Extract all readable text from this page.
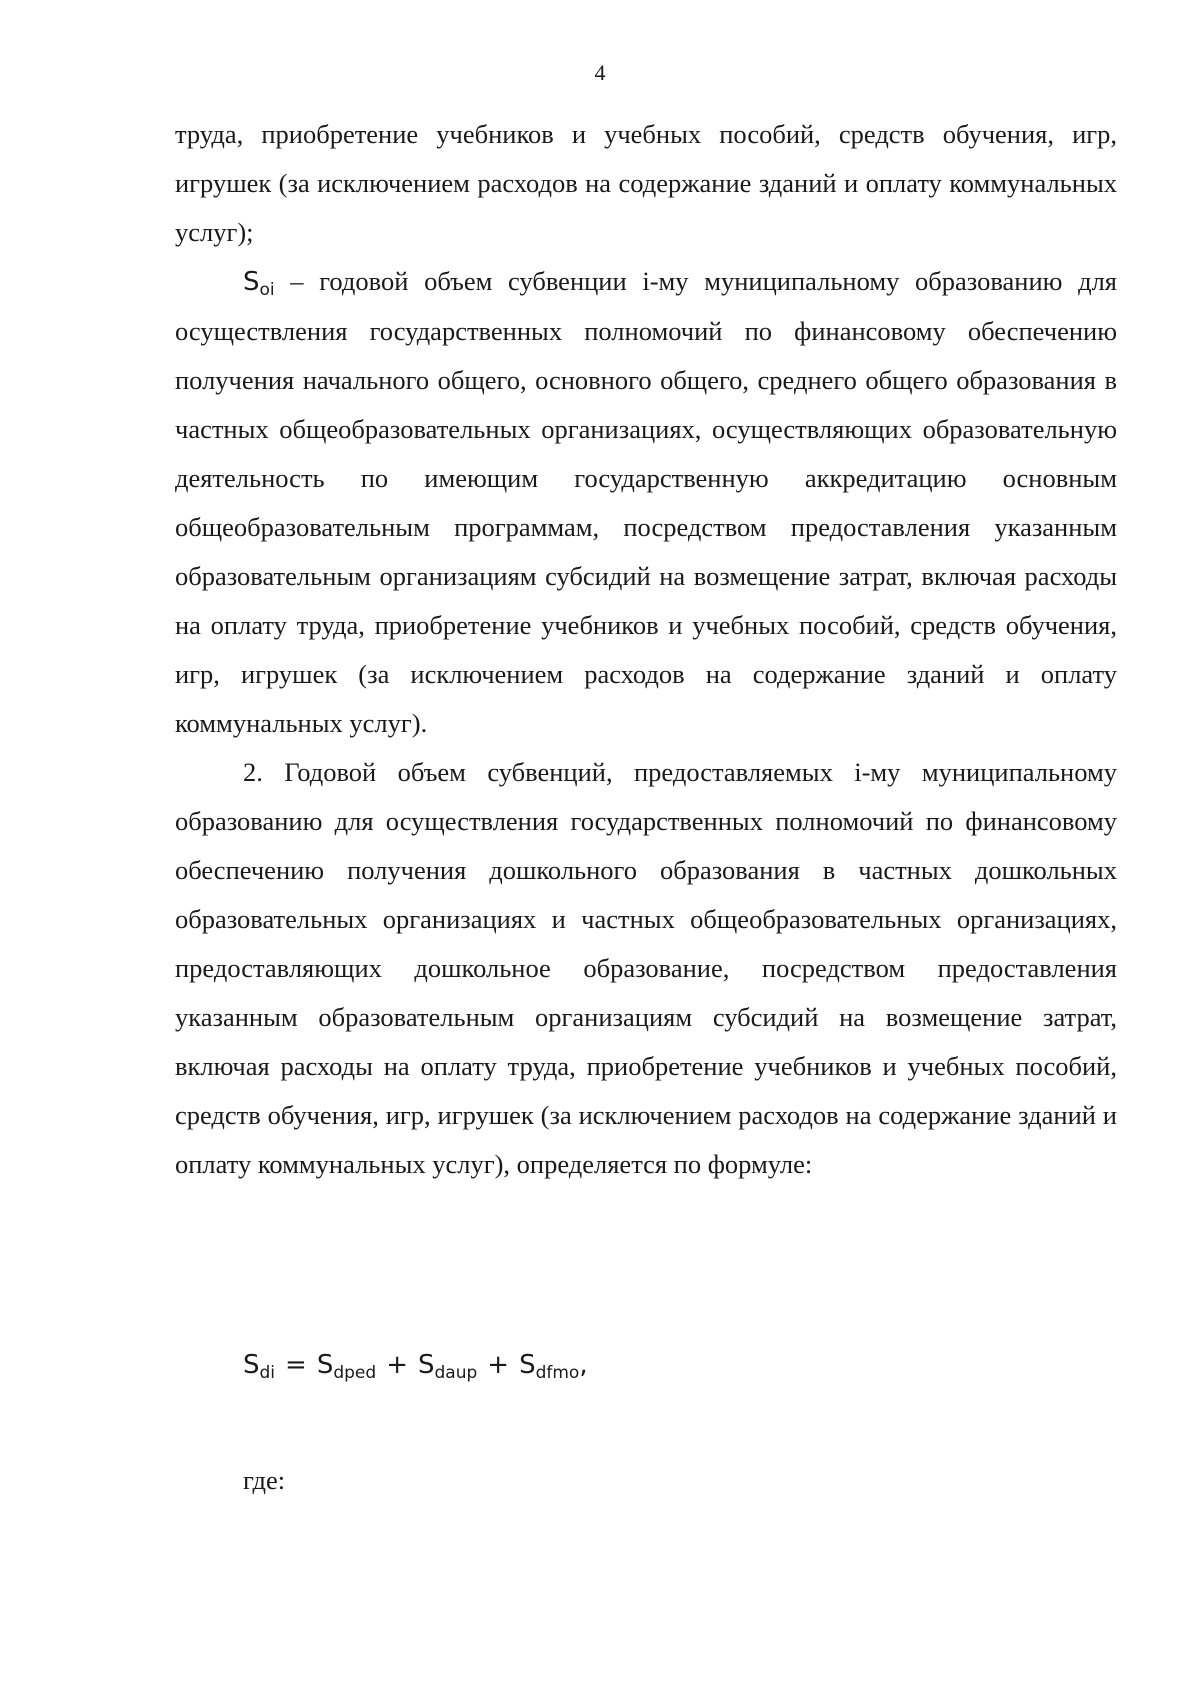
4

труда, приобретение учебников и учебных пособий, средств обучения, игр, игрушек (за исключением расходов на содержание зданий и оплату коммунальных услуг);

$S_{oi}$ – годовой объем субвенции i-му муниципальному образованию для осуществления государственных полномочий по финансовому обеспечению получения начального общего, основного общего, среднего общего образования в частных общеобразовательных организациях, осуществляющих образовательную деятельность по имеющим государственную аккредитацию основным общеобразовательным программам, посредством предоставления указанным образовательным организациям субсидий на возмещение затрат, включая расходы на оплату труда, приобретение учебников и учебных пособий, средств обучения, игр, игрушек (за исключением расходов на содержание зданий и оплату коммунальных услуг).

2. Годовой объем субвенций, предоставляемых i-му муниципальному образованию для осуществления государственных полномочий по финансовому обеспечению получения дошкольного образования в частных дошкольных образовательных организациях и частных общеобразовательных организациях, предоставляющих дошкольное образование, посредством предоставления указанным образовательным организациям субсидий на возмещение затрат, включая расходы на оплату труда, приобретение учебников и учебных пособий, средств обучения, игр, игрушек (за исключением расходов на содержание зданий и оплату коммунальных услуг), определяется по формуле:

$S_{di} = S_{dped} + S_{daup} + S_{dfmo}$,
где:
